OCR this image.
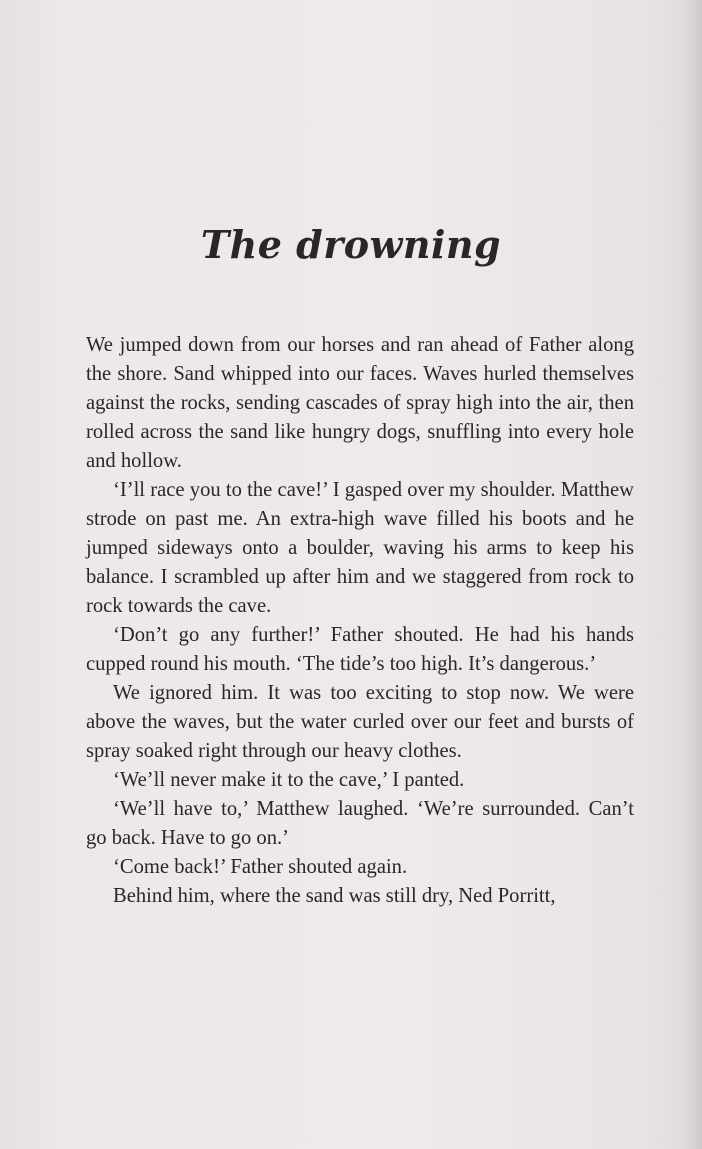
The drowning

We jumped down from our horses and ran ahead of Father along the shore. Sand whipped into our faces. Waves hurled themselves against the rocks, sending cascades of spray high into the air, then rolled across the sand like hungry dogs, snuffling into every hole and hollow.

‘I’ll race you to the cave!’ I gasped over my shoulder. Matthew strode on past me. An extra-high wave filled his boots and he jumped sideways onto a boulder, waving his arms to keep his balance. I scrambled up after him and we staggered from rock to rock towards the cave.

‘Don’t go any further!’ Father shouted. He had his hands cupped round his mouth. ‘The tide’s too high. It’s dangerous.’

We ignored him. It was too exciting to stop now. We were above the waves, but the water curled over our feet and bursts of spray soaked right through our heavy clothes.

‘We’ll never make it to the cave,’ I panted.

‘We’ll have to,’ Matthew laughed. ‘We’re surrounded. Can’t go back. Have to go on.’

‘Come back!’ Father shouted again.

Behind him, where the sand was still dry, Ned Porritt,
